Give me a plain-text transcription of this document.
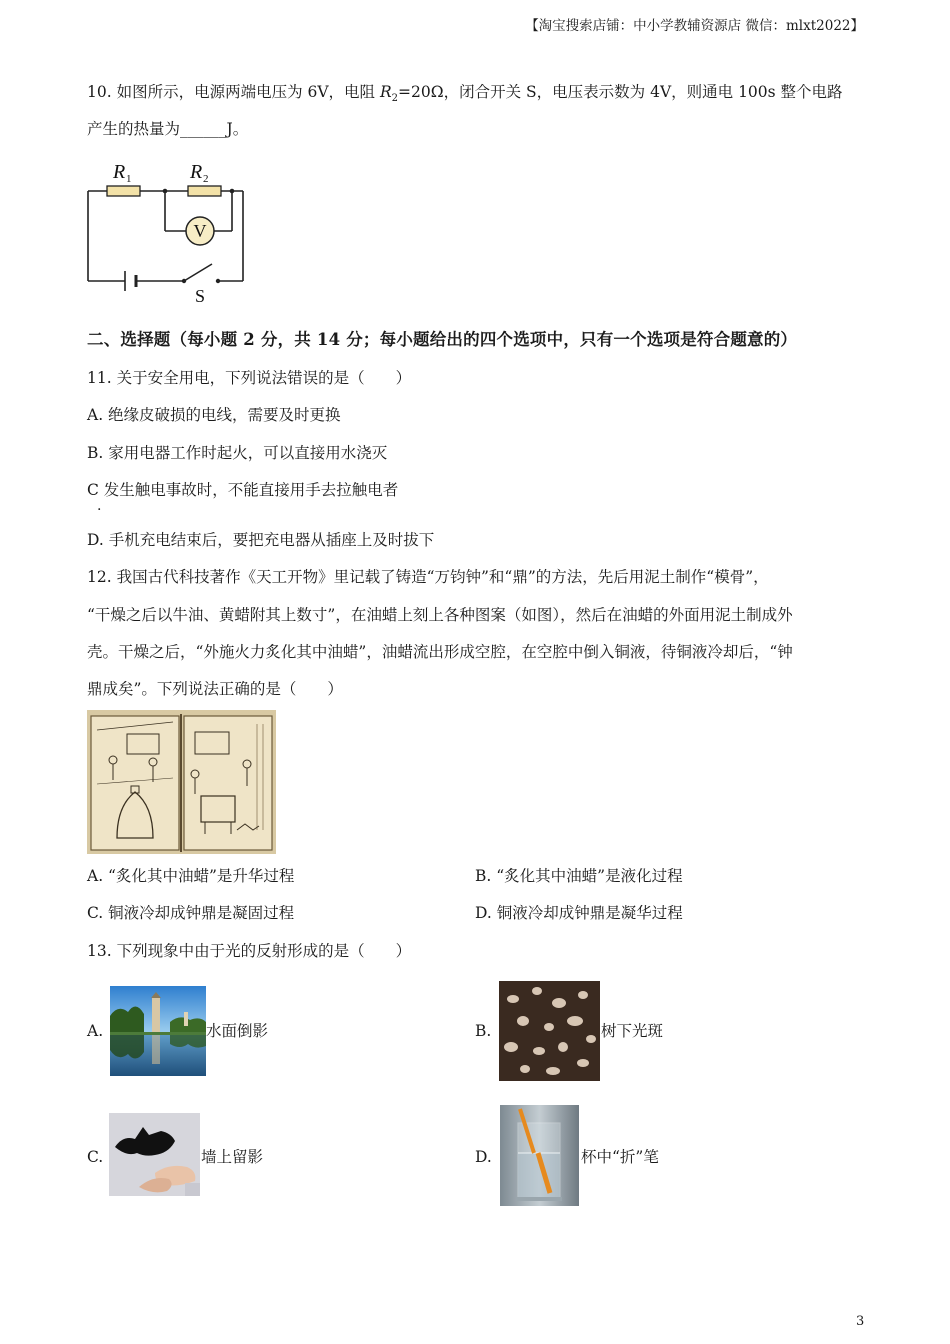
【淘宝搜索店铺：中小学教辅资源店 微信：mlxt2022】
10. 如图所示，电源两端电压为 6V，电阻 $R_2=20\Omega$，闭合开关 S，电压表示数为 4V，则通电 100s 整个电路
产生的热量为______J。
V
R 1	R 2
S
二、选择题（每小题 2 分，共 14 分；每小题给出的四个选项中，只有一个选项是符合题意的）
11. 关于安全用电，下列说法错误的是（　　）
A. 绝缘皮破损的电线，需要及时更换
B. 家用电器工作时起火，可以直接用水浇灭
C 发生触电事故时，不能直接用手去拉触电者
.
D. 手机充电结束后，要把充电器从插座上及时拔下
12. 我国古代科技著作《天工开物》里记载了铸造“万钧钟”和“鼎”的方法，先后用泥土制作“模骨”，
“干燥之后以牛油、黄蜡附其上数寸”，在油蜡上刻上各种图案（如图），然后在油蜡的外面用泥土制成外
壳。干燥之后，“外施火力炙化其中油蜡”，油蜡流出形成空腔，在空腔中倒入铜液，待铜液冷却后，“钟
鼎成矣”。下列说法正确的是（　　）
A. “炙化其中油蜡”是升华过程	B. “炙化其中油蜡”是液化过程
C. 铜液冷却成钟鼎是凝固过程	D. 铜液冷却成钟鼎是凝华过程
13. 下列现象中由于光的反射形成的是（　　）
A.	水面倒影	B.	树下光斑
C.	墙上留影	D.	杯中“折”笔
3
